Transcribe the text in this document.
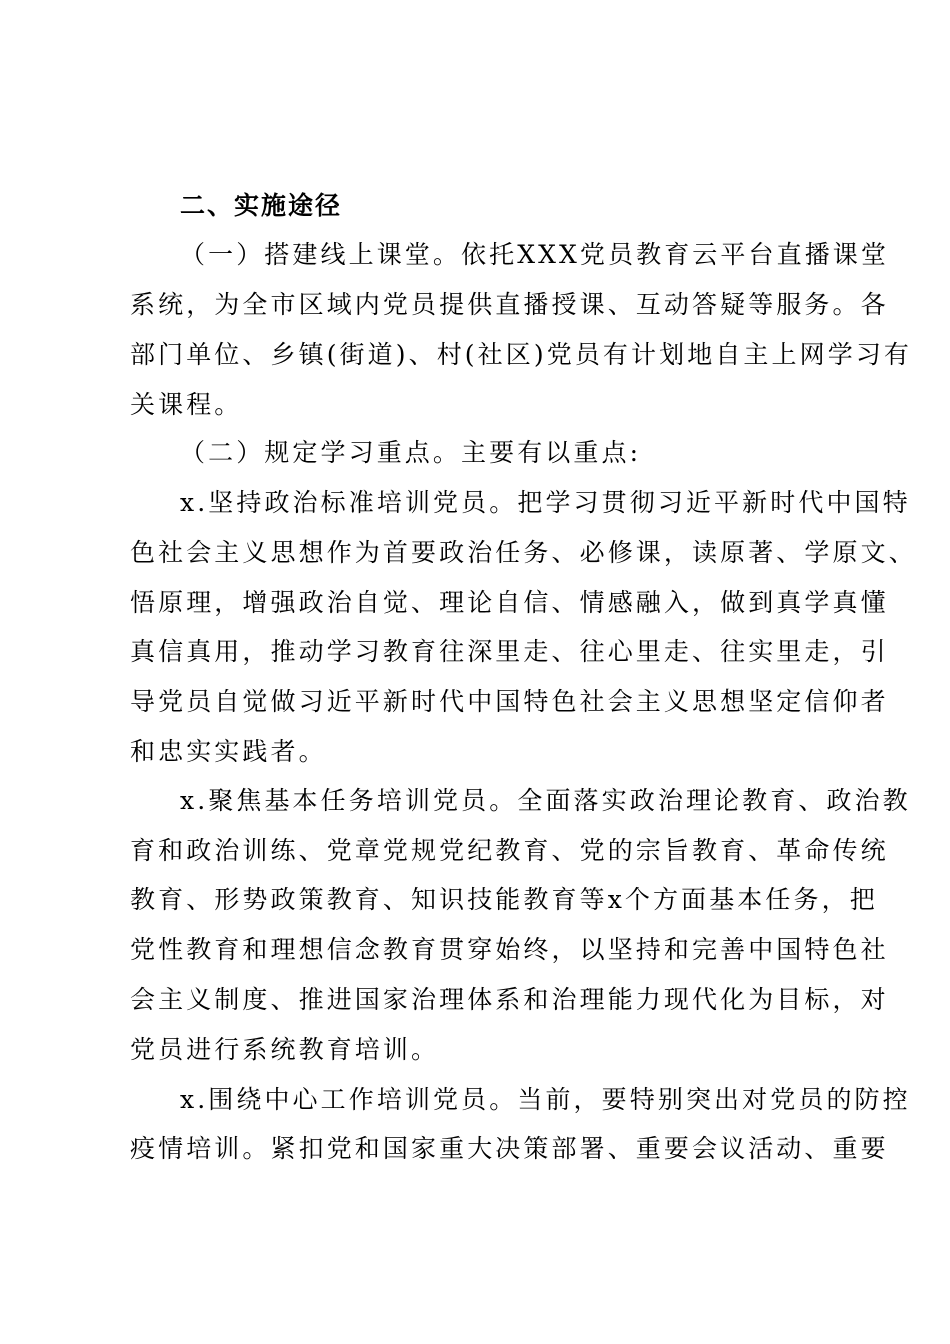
二、实施途径
（一）搭建线上课堂。依托XXX党员教育云平台直播课堂
系统，为全市区域内党员提供直播授课、互动答疑等服务。各
部门单位、乡镇(街道)、村(社区)党员有计划地自主上网学习有
关课程。
（二）规定学习重点。主要有以重点:
x.坚持政治标准培训党员。把学习贯彻习近平新时代中国特
色社会主义思想作为首要政治任务、必修课，读原著、学原文、
悟原理，增强政治自觉、理论自信、情感融入，做到真学真懂
真信真用，推动学习教育往深里走、往心里走、往实里走，引
导党员自觉做习近平新时代中国特色社会主义思想坚定信仰者
和忠实实践者。
x.聚焦基本任务培训党员。全面落实政治理论教育、政治教
育和政治训练、党章党规党纪教育、党的宗旨教育、革命传统
教育、形势政策教育、知识技能教育等x个方面基本任务，把
党性教育和理想信念教育贯穿始终，以坚持和完善中国特色社
会主义制度、推进国家治理体系和治理能力现代化为目标，对
党员进行系统教育培训。
x.围绕中心工作培训党员。当前，要特别突出对党员的防控
疫情培训。紧扣党和国家重大决策部署、重要会议活动、重要
